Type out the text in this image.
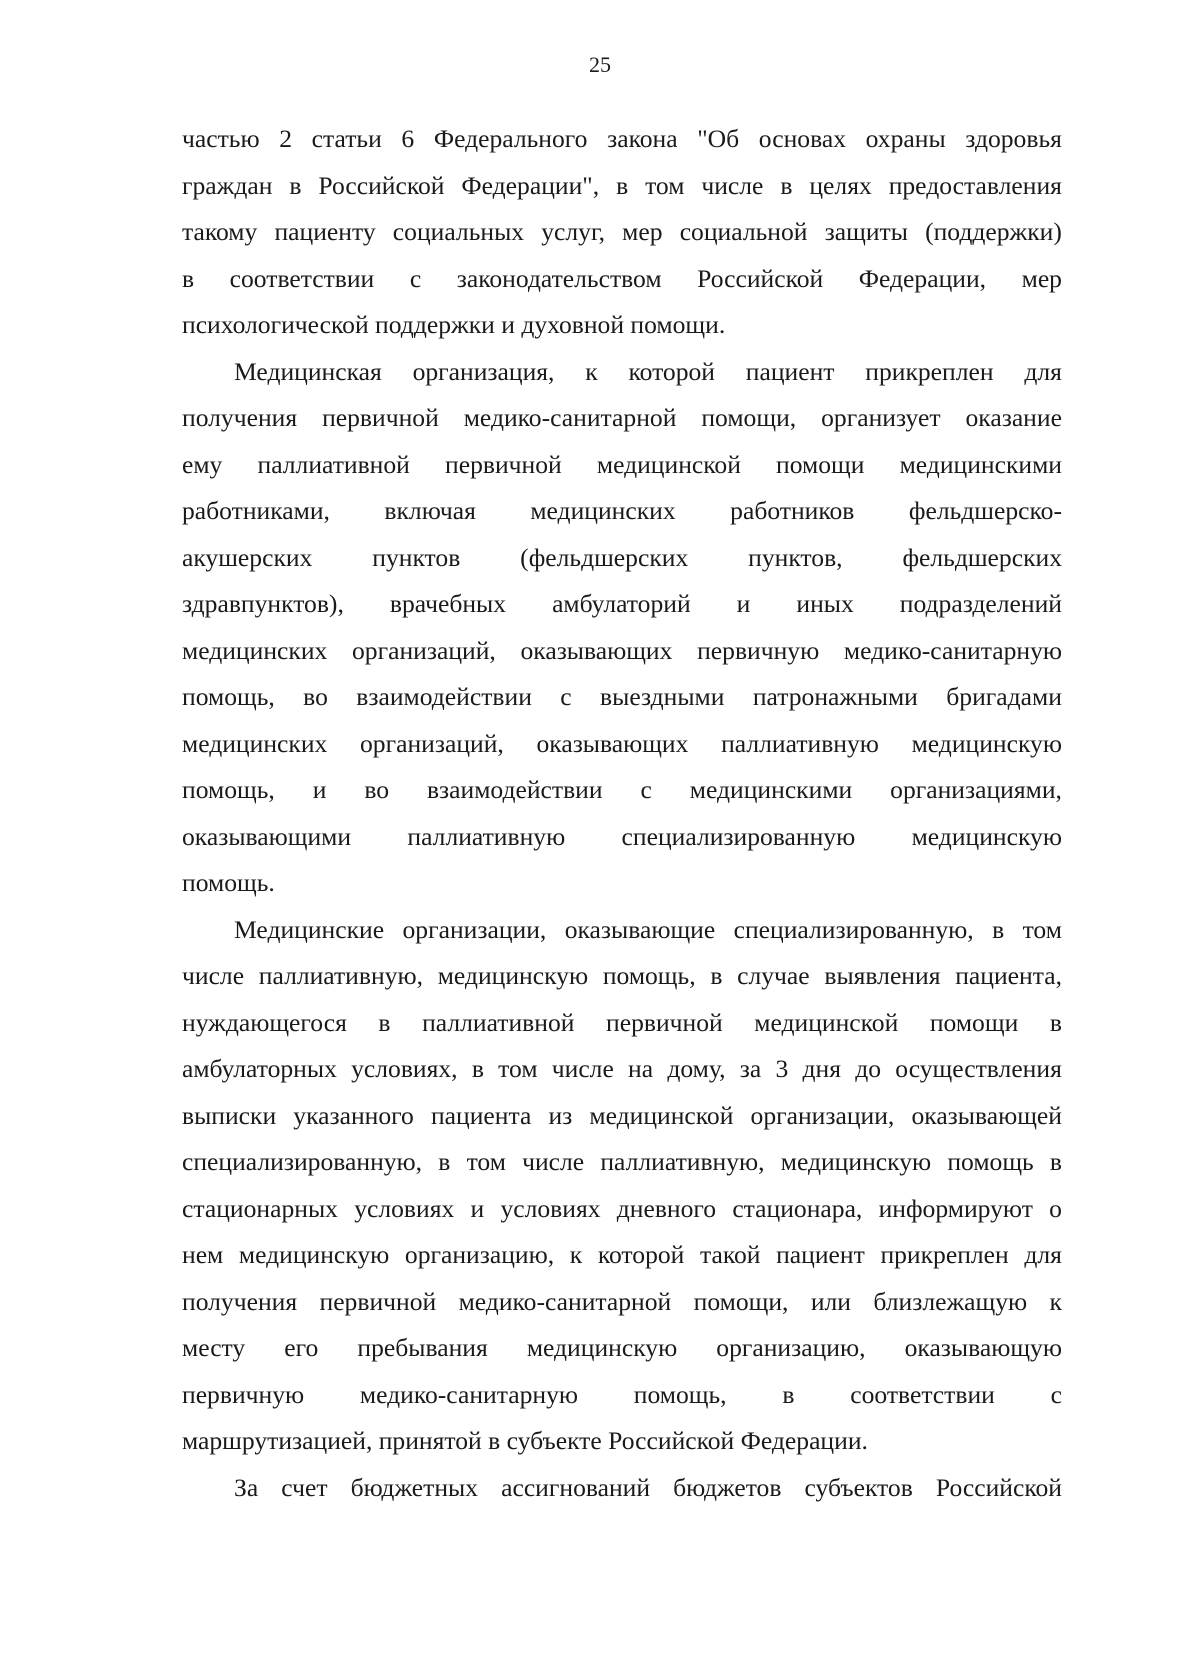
25

частью 2 статьи 6 Федерального закона "Об основах охраны здоровья
граждан в Российской Федерации", в том числе в целях предоставления
такому пациенту социальных услуг, мер социальной защиты (поддержки)
в соответствии с законодательством Российской Федерации, мер
психологической поддержки и духовной помощи.

Медицинская организация, к которой пациент прикреплен для
получения первичной медико-санитарной помощи, организует оказание
ему паллиативной первичной медицинской помощи медицинскими
работниками, включая медицинских работников фельдшерско-
акушерских пунктов (фельдшерских пунктов, фельдшерских
здравпунктов), врачебных амбулаторий и иных подразделений
медицинских организаций, оказывающих первичную медико-санитарную
помощь, во взаимодействии с выездными патронажными бригадами
медицинских организаций, оказывающих паллиативную медицинскую
помощь, и во взаимодействии с медицинскими организациями,
оказывающими паллиативную специализированную медицинскую
помощь.

Медицинские организации, оказывающие специализированную, в том
числе паллиативную, медицинскую помощь, в случае выявления пациента,
нуждающегося в паллиативной первичной медицинской помощи в
амбулаторных условиях, в том числе на дому, за 3 дня до осуществления
выписки указанного пациента из медицинской организации, оказывающей
специализированную, в том числе паллиативную, медицинскую помощь в
стационарных условиях и условиях дневного стационара, информируют о
нем медицинскую организацию, к которой такой пациент прикреплен для
получения первичной медико-санитарной помощи, или близлежащую к
месту его пребывания медицинскую организацию, оказывающую
первичную медико-санитарную помощь, в соответствии с
маршрутизацией, принятой в субъекте Российской Федерации.

За счет бюджетных ассигнований бюджетов субъектов Российской
